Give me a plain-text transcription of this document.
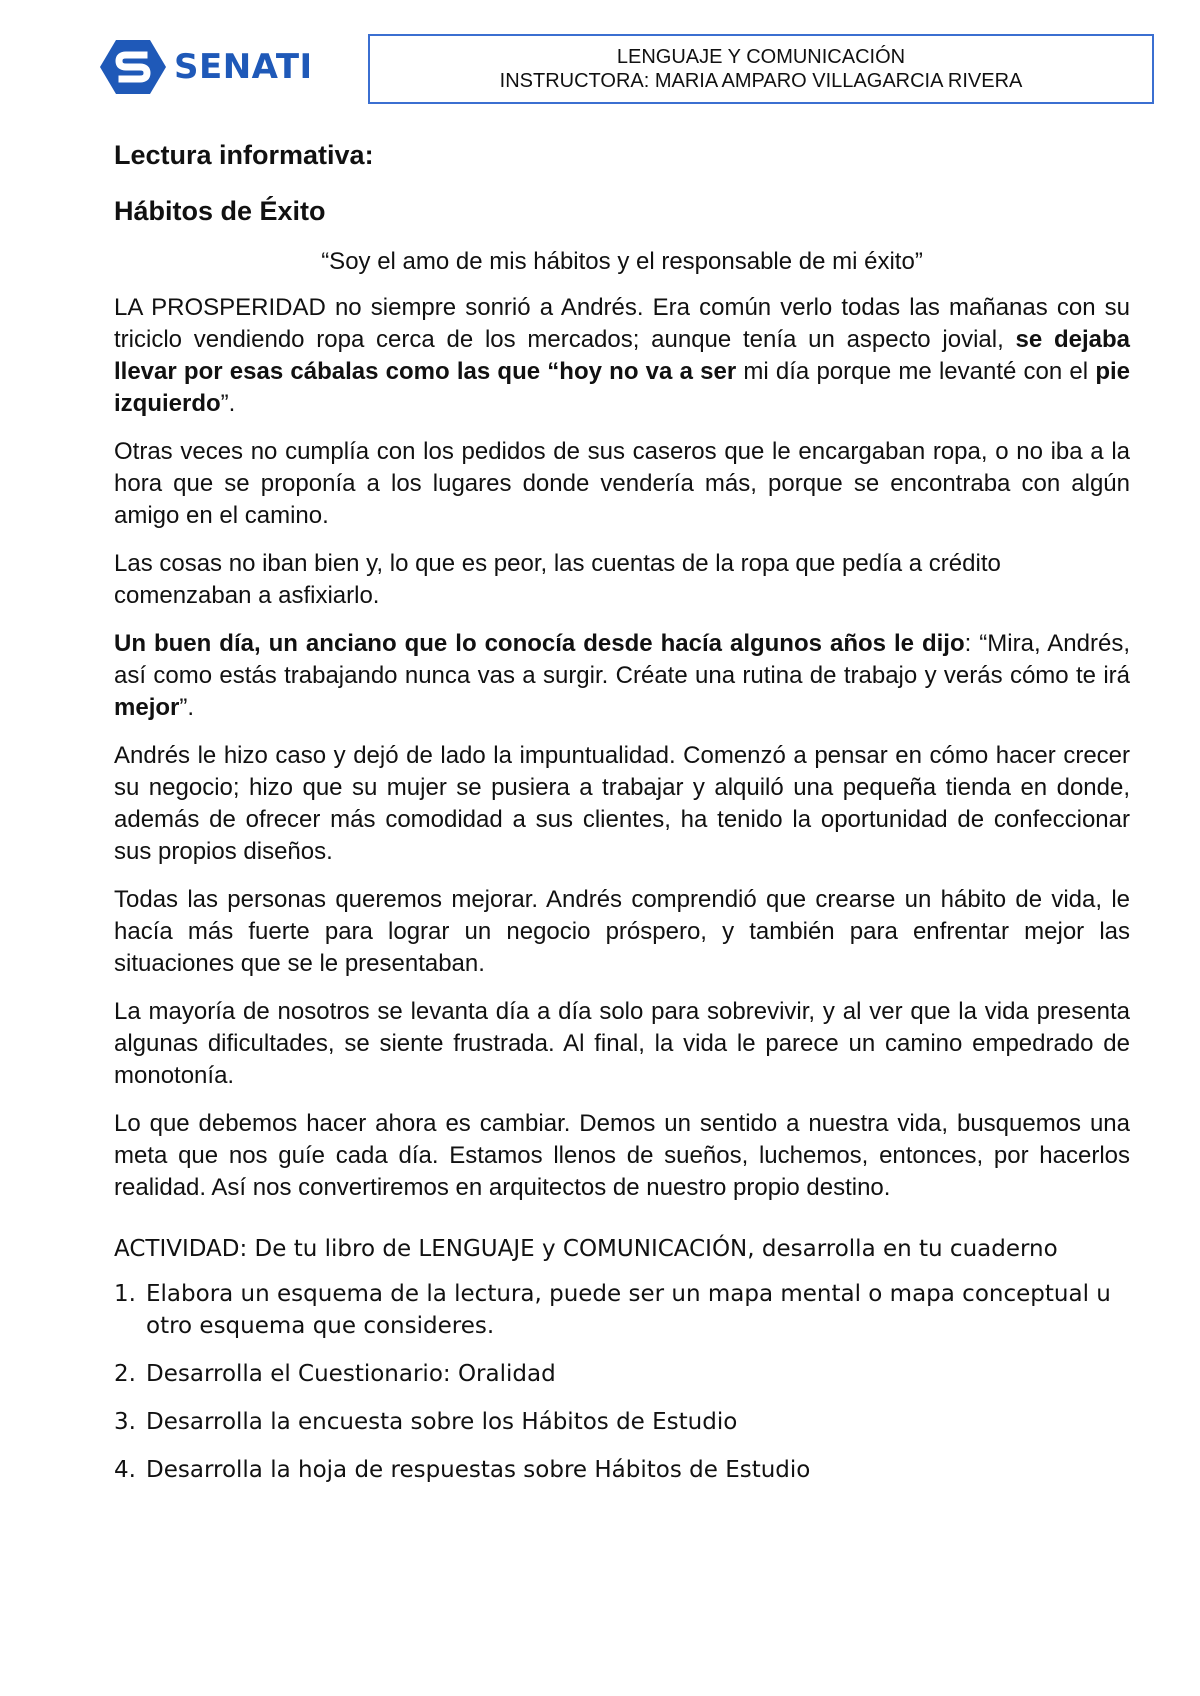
SENATI	LENGUAJE Y COMUNICACIÓN
INSTRUCTORA: MARIA AMPARO VILLAGARCIA RIVERA
Lectura informativa:
Hábitos de Éxito
“Soy el amo de mis hábitos y el responsable de mi éxito”

LA PROSPERIDAD no siempre sonrió a Andrés. Era común verlo todas las mañanas con su triciclo vendiendo ropa cerca de los mercados; aunque tenía un aspecto jovial, se dejaba llevar por esas cábalas como las que “hoy no va a ser mi día porque me levanté con el pie izquierdo”.

Otras veces no cumplía con los pedidos de sus caseros que le encargaban ropa, o no iba a la hora que se proponía a los lugares donde vendería más, porque se encontraba con algún amigo en el camino.

Las cosas no iban bien y, lo que es peor, las cuentas de la ropa que pedía a crédito
comenzaban a asfixiarlo.

Un buen día, un anciano que lo conocía desde hacía algunos años le dijo: “Mira, Andrés, así como estás trabajando nunca vas a surgir. Créate una rutina de trabajo y verás cómo te irá mejor”.

Andrés le hizo caso y dejó de lado la impuntualidad. Comenzó a pensar en cómo hacer crecer su negocio; hizo que su mujer se pusiera a trabajar y alquiló una pequeña tienda en donde, además de ofrecer más comodidad a sus clientes, ha tenido la oportunidad de confeccionar sus propios diseños.

Todas las personas queremos mejorar. Andrés comprendió que crearse un hábito de vida, le hacía más fuerte para lograr un negocio próspero, y también para enfrentar mejor las situaciones que se le presentaban.

La mayoría de nosotros se levanta día a día solo para sobrevivir, y al ver que la vida presenta algunas dificultades, se siente frustrada. Al final, la vida le parece un camino empedrado de monotonía.

Lo que debemos hacer ahora es cambiar. Demos un sentido a nuestra vida, busquemos una meta que nos guíe cada día. Estamos llenos de sueños, luchemos, entonces, por hacerlos realidad. Así nos convertiremos en arquitectos de nuestro propio destino.

ACTIVIDAD: De tu libro de LENGUAJE y COMUNICACIÓN, desarrolla en tu cuaderno
1. Elabora un esquema de la lectura, puede ser un mapa mental o mapa conceptual u otro esquema que consideres.
2. Desarrolla el Cuestionario: Oralidad
3. Desarrolla la encuesta sobre los Hábitos de Estudio
4. Desarrolla la hoja de respuestas sobre Hábitos de Estudio
